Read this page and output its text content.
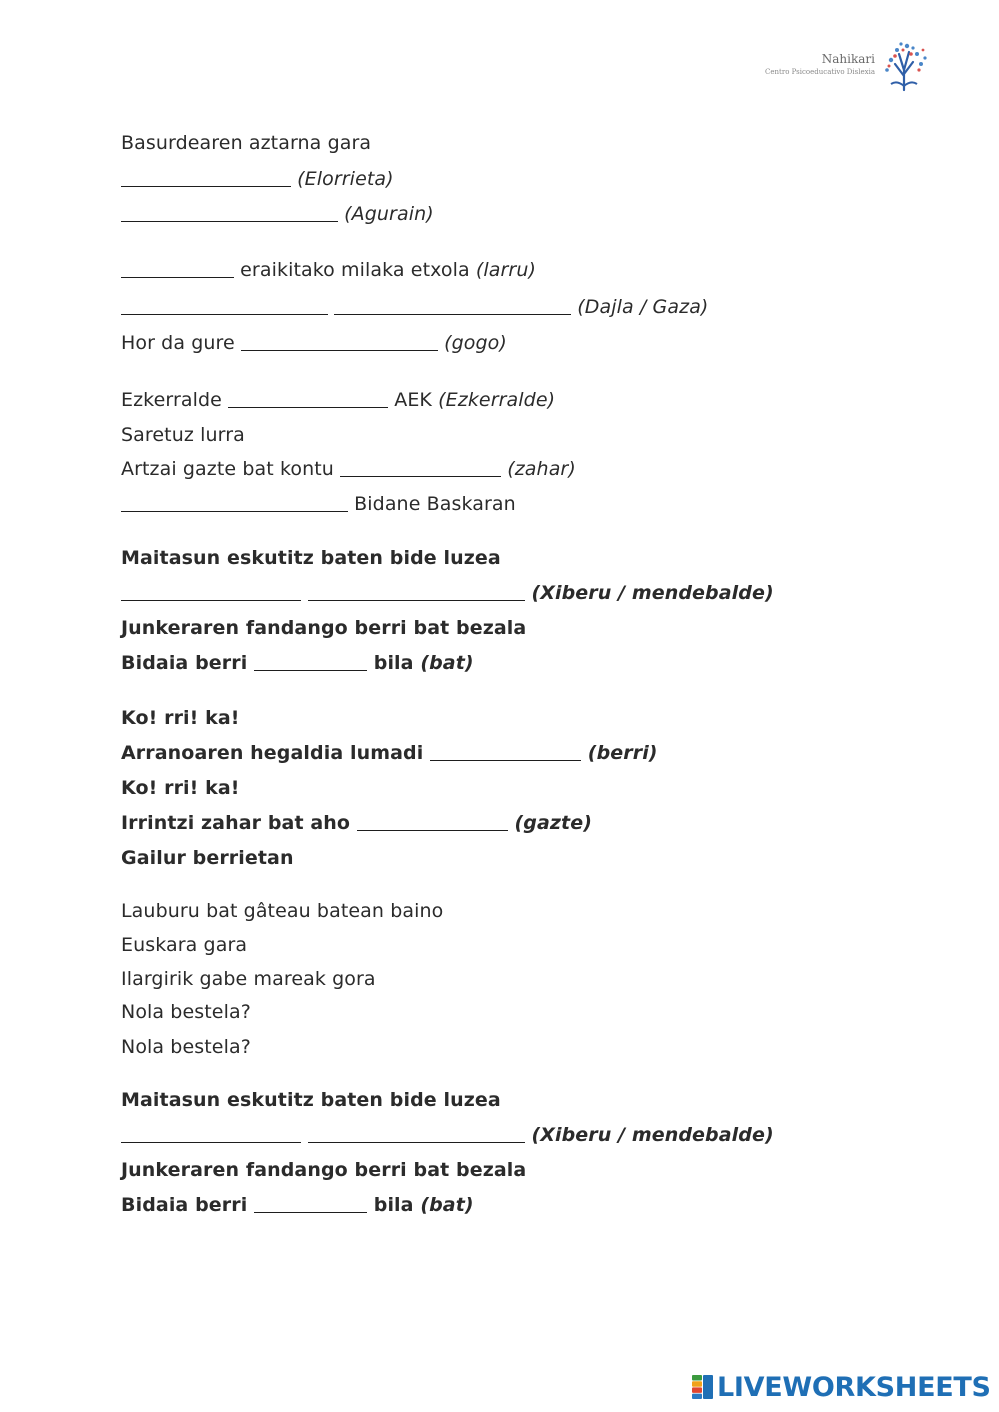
Nahikari
Centro Psicoeducativo Dislexia
Basurdearen aztarna gara
(Elorrieta)
(Agurain)
eraikitako milaka etxola (larru)
(Dajla / Gaza)
Hor da gure	(gogo)
Ezkerralde	AEK (Ezkerralde)
Saretuz lurra
Artzai gazte bat kontu	(zahar)
Bidane Baskaran
Maitasun eskutitz baten bide luzea
(Xiberu / mendebalde)
Junkeraren fandango berri bat bezala
Bidaia berri	bila (bat)
Ko! rri! ka!
Arranoaren hegaldia lumadi	(berri)
Ko! rri! ka!
Irrintzi zahar bat aho	(gazte)
Gailur berrietan
Lauburu bat gâteau batean baino
Euskara gara
Ilargirik gabe mareak gora
Nola bestela?
Nola bestela?
Maitasun eskutitz baten bide luzea
(Xiberu / mendebalde)
Junkeraren fandango berri bat bezala
Bidaia berri	bila (bat)
LIVEWORKSHEETS
